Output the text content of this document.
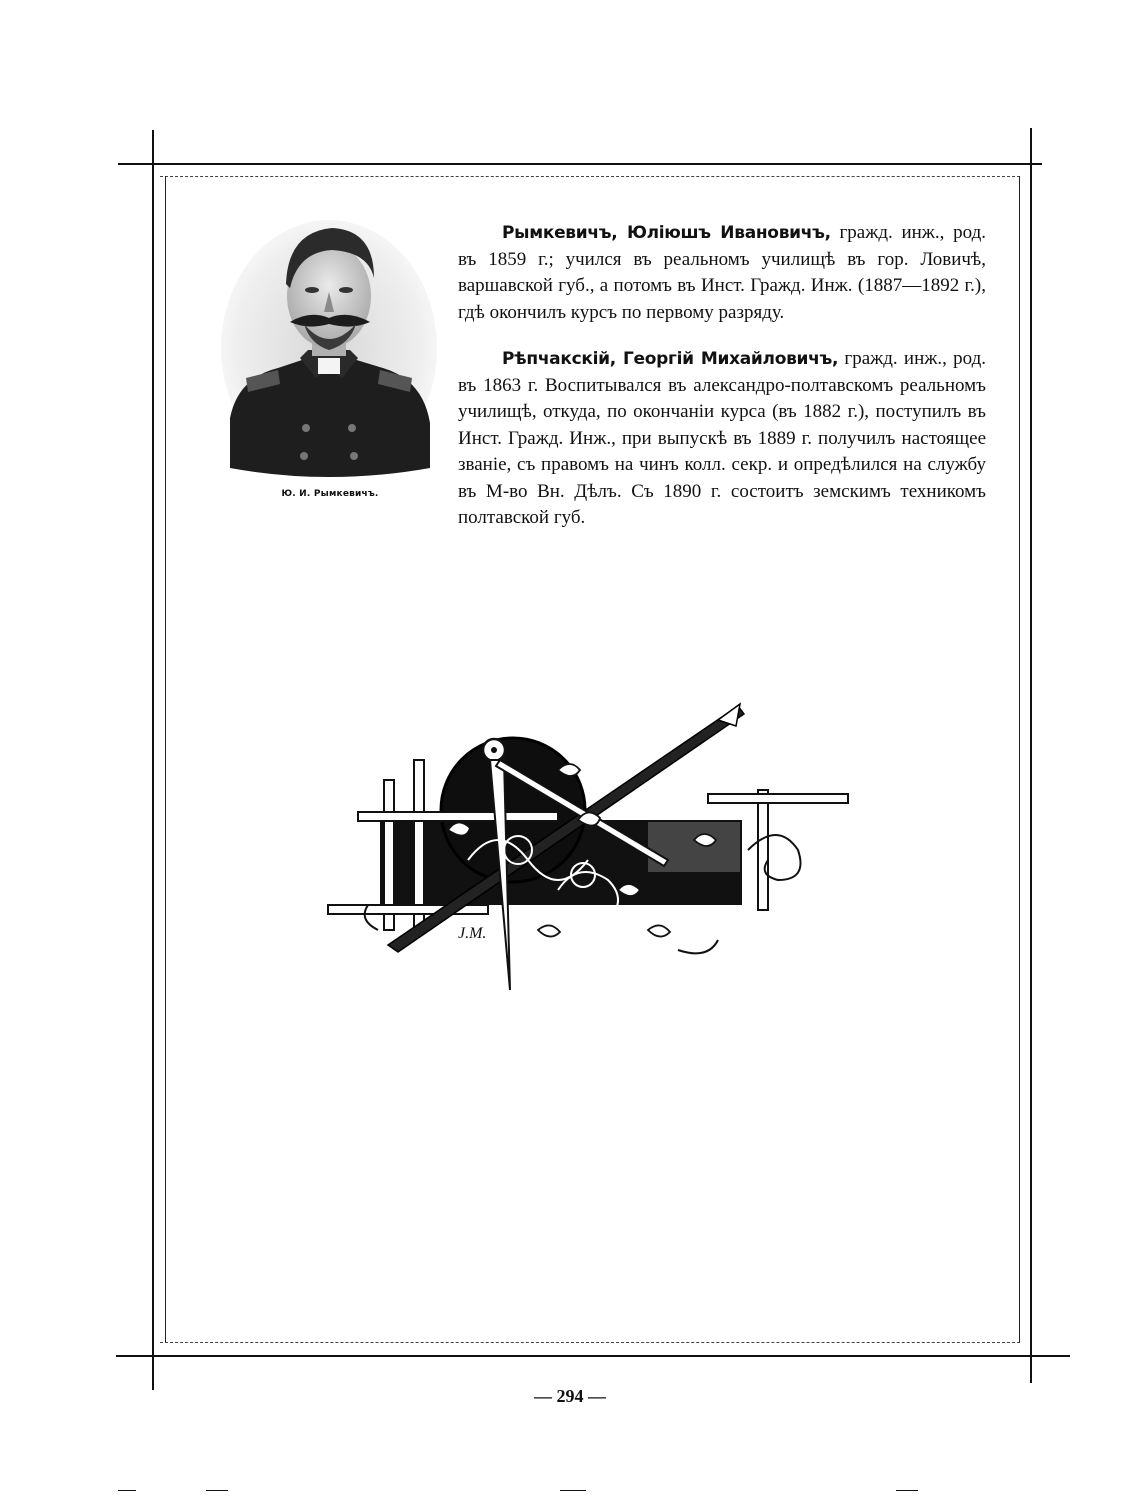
Ю. И. Рымкевичъ.
Рымкевичъ, Юліюшъ Ивановичъ, гражд. инж., род. въ 1859 г.; учился въ реальномъ училищѣ въ гор. Ловичѣ, варшавской губ., а потомъ въ Инст. Гражд. Инж. (1887—1892 г.), гдѣ окончилъ курсъ по первому разряду.
Рѣпчакскій, Георгій Михайловичъ, гражд. инж., род. въ 1863 г. Воспитывался въ александро-полтавскомъ реальномъ училищѣ, откуда, по окончаніи курса (въ 1882 г.), поступилъ въ Инст. Гражд. Инж., при выпускѣ въ 1889 г. получилъ настоящее званіе, съ правомъ на чинъ колл. секр. и опредѣлился на службу въ М-во Вн. Дѣлъ. Съ 1890 г. состоитъ земскимъ техникомъ полтавской губ.
J.M.
— 294 —
